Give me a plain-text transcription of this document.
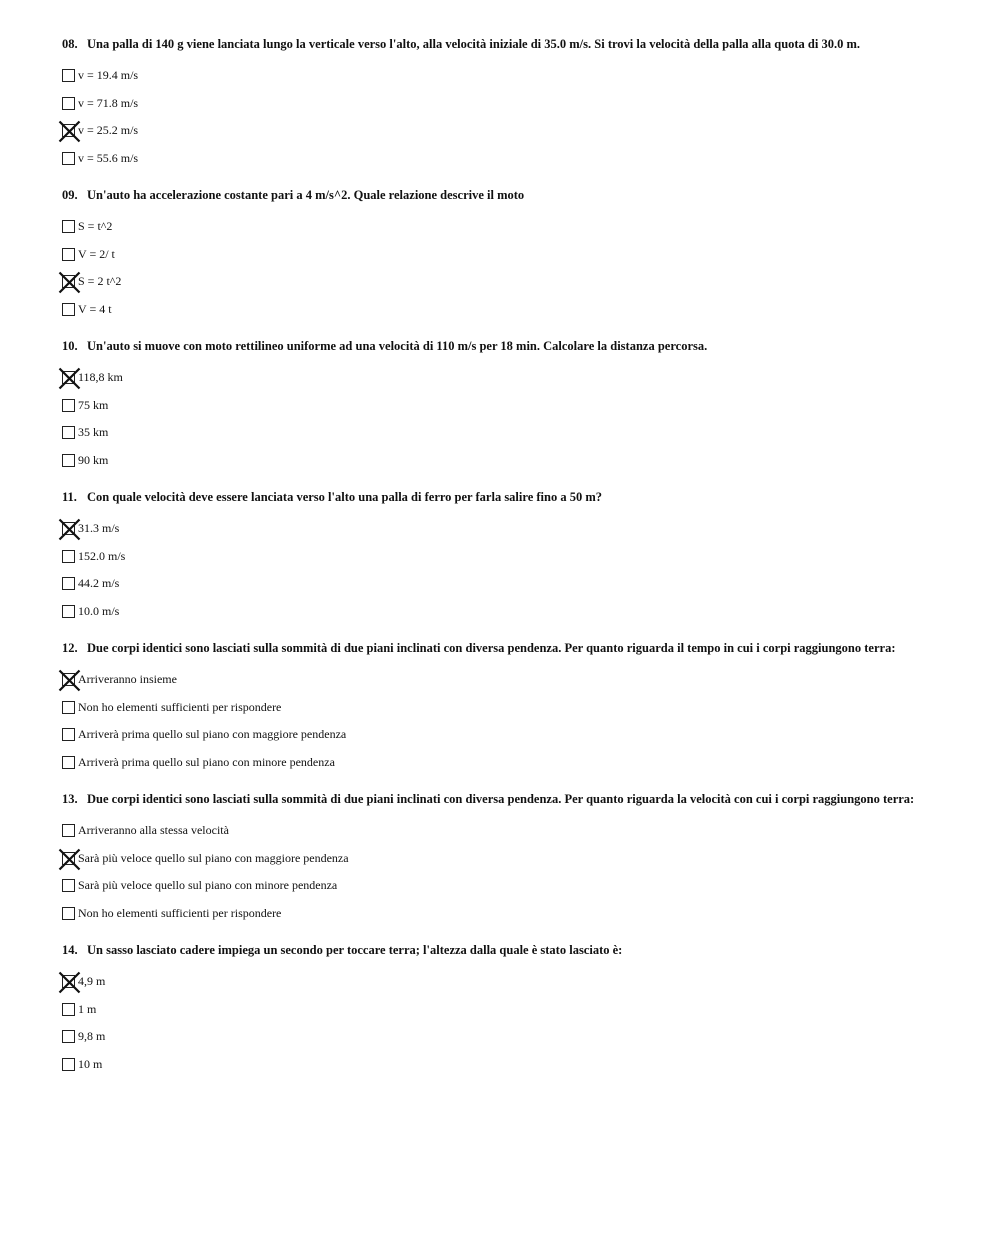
08. Una palla di 140 g viene lanciata lungo la verticale verso l'alto, alla velocità iniziale di 35.0 m/s. Si trovi la velocità della palla alla quota di 30.0 m.
v = 19.4 m/s
v = 71.8 m/s
v = 25.2 m/s
v = 55.6 m/s
09. Un'auto ha accelerazione costante pari a 4 m/s^2. Quale relazione descrive il moto
S = t^2
V = 2/ t
S = 2 t^2
V = 4 t
10. Un'auto si muove con moto rettilineo uniforme ad una velocità di 110 m/s per 18 min. Calcolare la distanza percorsa.
118,8 km
75 km
35 km
90 km
11. Con quale velocità deve essere lanciata verso l'alto una palla di ferro per farla salire fino a 50 m?
31.3 m/s
152.0 m/s
44.2 m/s
10.0 m/s
12. Due corpi identici sono lasciati sulla sommità di due piani inclinati con diversa pendenza. Per quanto riguarda il tempo in cui i corpi raggiungono terra:
Arriveranno insieme
Non ho elementi sufficienti per rispondere
Arriverà prima quello sul piano con maggiore pendenza
Arriverà prima quello sul piano con minore pendenza
13. Due corpi identici sono lasciati sulla sommità di due piani inclinati con diversa pendenza. Per quanto riguarda la velocità con cui i corpi raggiungono terra:
Arriveranno alla stessa velocità
Sarà più veloce quello sul piano con maggiore pendenza
Sarà più veloce quello sul piano con minore pendenza
Non ho elementi sufficienti per rispondere
14. Un sasso lasciato cadere impiega un secondo per toccare terra; l'altezza dalla quale è stato lasciato è:
4,9 m
1 m
9,8 m
10 m
